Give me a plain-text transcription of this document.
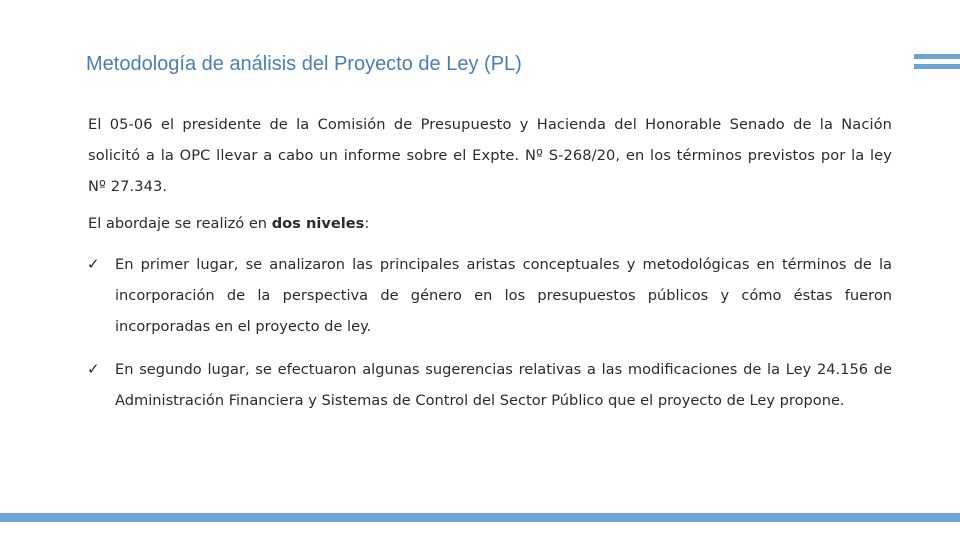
Metodología de análisis del Proyecto de Ley (PL)

El 05-06 el presidente de la Comisión de Presupuesto y Hacienda del Honorable Senado de la Nación solicitó a la OPC llevar a cabo un informe sobre el Expte. Nº S-268/20, en los términos previstos por la ley Nº 27.343.

El abordaje se realizó en dos niveles:

✓ En primer lugar, se analizaron las principales aristas conceptuales y metodológicas en términos de la incorporación de la perspectiva de género en los presupuestos públicos y cómo éstas fueron incorporadas en el proyecto de ley.
✓ En segundo lugar, se efectuaron algunas sugerencias relativas a las modificaciones de la Ley 24.156 de Administración Financiera y Sistemas de Control del Sector Público que el proyecto de Ley propone.
